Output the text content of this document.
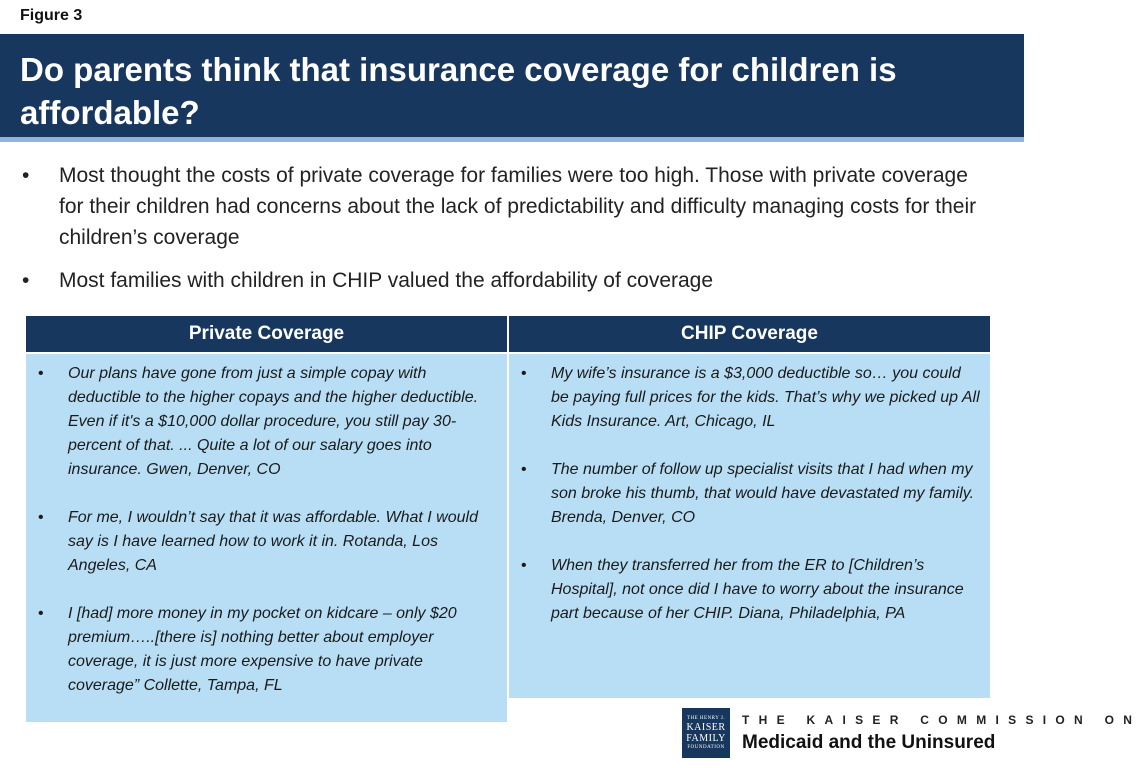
Figure 3
Do parents think that insurance coverage for children is affordable?
• Most thought the costs of private coverage for families were too high. Those with private coverage for their children had concerns about the lack of predictability and difficulty managing costs for their children’s coverage
• Most families with children in CHIP valued the affordability of coverage
Private Coverage
• Our plans have gone from just a simple copay with deductible to the higher copays and the higher deductible. Even if it's a $10,000 dollar procedure, you still pay 30-percent of that. ... Quite a lot of our salary goes into insurance. Gwen, Denver, CO
• For me, I wouldn’t say that it was affordable. What I would say is I have learned how to work it in. Rotanda, Los Angeles, CA
• I [had] more money in my pocket on kidcare – only $20 premium…..[there is] nothing better about employer coverage, it is just more expensive to have private coverage” Collette, Tampa, FL
CHIP Coverage
• My wife’s insurance is a $3,000 deductible so… you could be paying full prices for the kids. That’s why we picked up All Kids Insurance. Art, Chicago, IL
• The number of follow up specialist visits that I had when my son broke his thumb, that would have devastated my family. Brenda, Denver, CO
• When they transferred her from the ER to [Children’s Hospital], not once did I have to worry about the insurance part because of her CHIP. Diana, Philadelphia, PA
THE HENRY J.
KAISER
FAMILY
FOUNDATION
THE KAISER COMMISSION ON
Medicaid and the Uninsured
